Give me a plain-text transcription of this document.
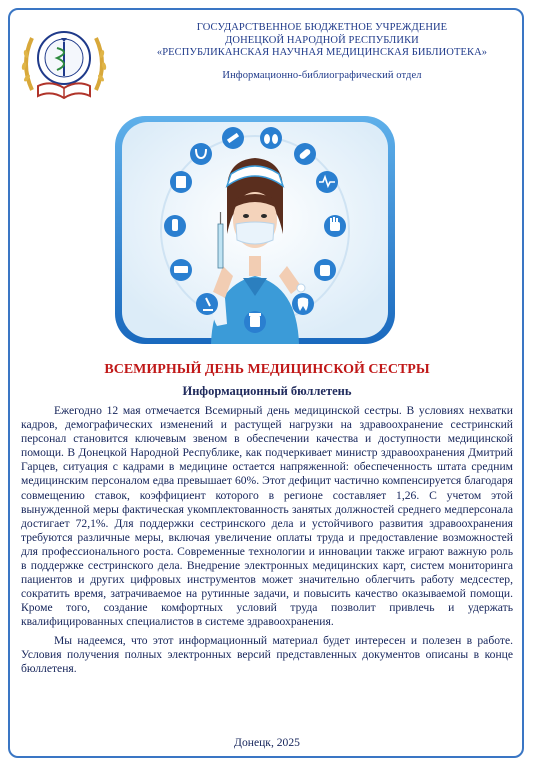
ГОСУДАРСТВЕННОЕ БЮДЖЕТНОЕ УЧРЕЖДЕНИЕ
ДОНЕЦКОЙ НАРОДНОЙ РЕСПУБЛИКИ
«РЕСПУБЛИКАНСКАЯ НАУЧНАЯ МЕДИЦИНСКАЯ БИБЛИОТЕКА»
Информационно-библиографический отдел
ВСЕМИРНЫЙ ДЕНЬ МЕДИЦИНСКОЙ СЕСТРЫ
Информационный бюллетень

Ежегодно 12 мая отмечается Всемирный день медицинской сестры. В условиях нехватки кадров, демографических изменений и растущей нагрузки на здравоохранение сестринский персонал становится ключевым звеном в обеспечении качества и доступности медицинской помощи. В Донецкой Народной Республике, как подчеркивает министр здравоохранения Дмитрий Гарцев, ситуация с кадрами в медицине остается напряженной: обеспеченность штата средним медицинским персоналом едва превышает 60%. Этот дефицит частично компенсируется благодаря совмещению ставок, коэффициент которого в регионе составляет 1,26. С учетом этой вынужденной меры фактическая укомплектованность занятых должностей среднего медперсонала достигает 72,1%. Для поддержки сестринского дела и устойчивого развития здравоохранения требуются различные меры, включая увеличение оплаты труда и предоставление возможностей для профессионального роста. Современные технологии и инновации также играют важную роль в поддержке сестринского дела. Внедрение электронных медицинских карт, систем мониторинга пациентов и других цифровых инструментов может значительно облегчить работу медсестер, сократить время, затрачиваемое на рутинные задачи, и повысить качество оказываемой помощи. Кроме того, создание комфортных условий труда позволит привлечь и удержать квалифицированных специалистов в системе здравоохранения.

Мы надеемся, что этот информационный материал будет интересен и полезен в работе. Условия получения полных электронных версий представленных документов описаны в конце бюллетеня.

Донецк, 2025
